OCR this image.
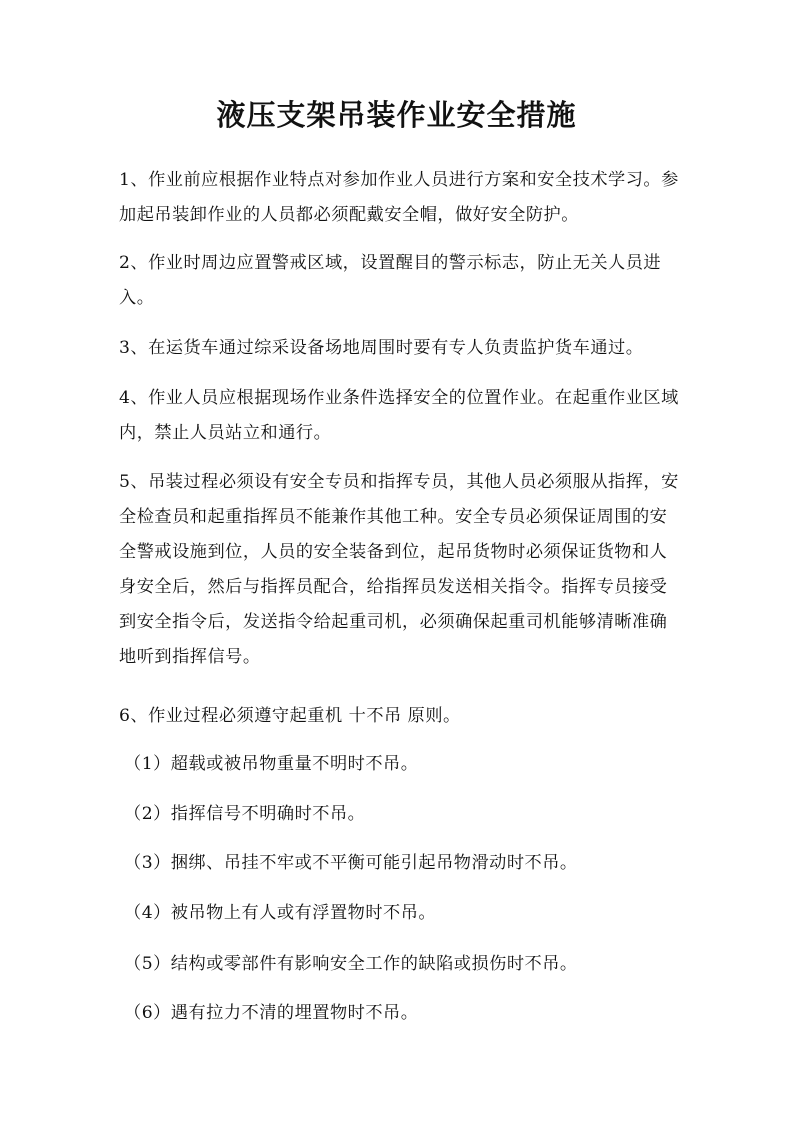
液压支架吊装作业安全措施

1、作业前应根据作业特点对参加作业人员进行方案和安全技术学习。参加起吊装卸作业的人员都必须配戴安全帽，做好安全防护。

2、作业时周边应置警戒区域，设置醒目的警示标志，防止无关人员进入。

3、在运货车通过综采设备场地周围时要有专人负责监护货车通过。

4、作业人员应根据现场作业条件选择安全的位置作业。在起重作业区域内，禁止人员站立和通行。

5、吊装过程必须设有安全专员和指挥专员，其他人员必须服从指挥，安全检查员和起重指挥员不能兼作其他工种。安全专员必须保证周围的安全警戒设施到位，人员的安全装备到位，起吊货物时必须保证货物和人身安全后，然后与指挥员配合，给指挥员发送相关指令。指挥专员接受到安全指令后，发送指令给起重司机，必须确保起重司机能够清晰准确地听到指挥信号。

6、作业过程必须遵守起重机 十不吊 原则。

（1）超载或被吊物重量不明时不吊。

（2）指挥信号不明确时不吊。

（3）捆绑、吊挂不牢或不平衡可能引起吊物滑动时不吊。

（4）被吊物上有人或有浮置物时不吊。

（5）结构或零部件有影响安全工作的缺陷或损伤时不吊。

（6）遇有拉力不清的埋置物时不吊。
